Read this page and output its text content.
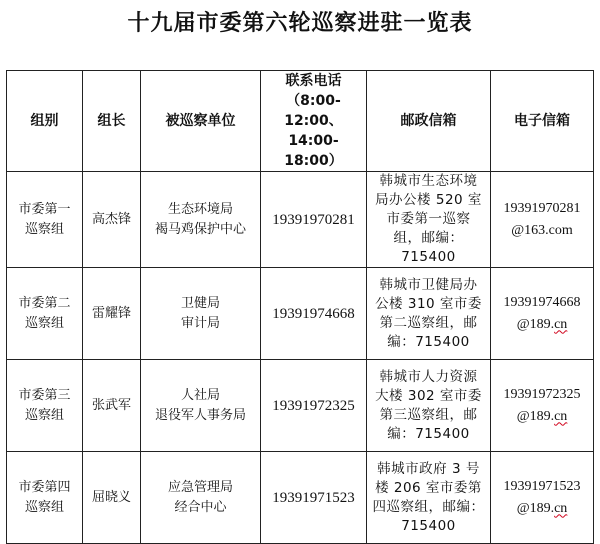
十九届市委第六轮巡察进驻一览表
组别	组长	被巡察单位	联系电话
（8:00-12:00、
14:00-18:00）	邮政信箱	电子信箱

市委第一
巡察组	高杰锋	生态环境局
褐马鸡保护中心	19391970281	韩城市生态环境
局办公楼 520 室
市委第一巡察
组，邮编：715400	19391970281
@163.com

市委第二
巡察组	雷耀锋	卫健局
审计局	19391974668	韩城市卫健局办
公楼 310 室市委
第二巡察组，邮
编：715400	19391974668
@189.cn

市委第三
巡察组	张武军	人社局
退役军人事务局	19391972325	韩城市人力资源
大楼 302 室市委
第三巡察组，邮
编：715400	19391972325
@189.cn

市委第四
巡察组	屈晓义	应急管理局
经合中心	19391971523	韩城市政府 3 号
楼 206 室市委第
四巡察组，邮编：
715400	19391971523
@189.cn
